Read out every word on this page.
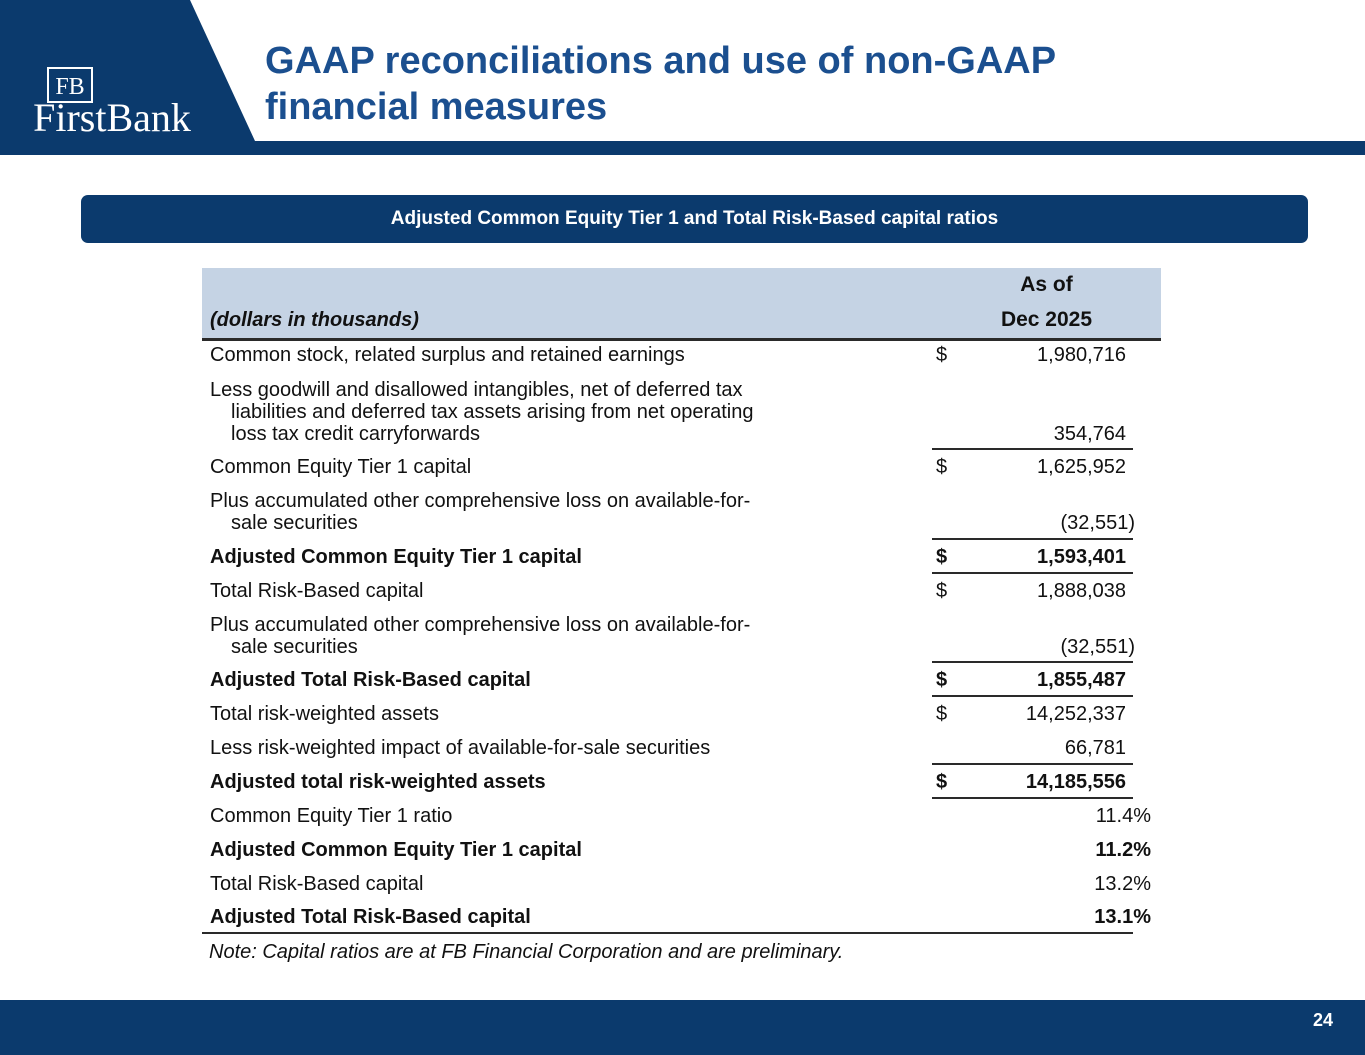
FB
FirstBank
GAAP reconciliations and use of non-GAAP
financial measures
Adjusted Common Equity Tier 1 and Total Risk-Based capital ratios
(dollars in thousands)
As of
Dec 2025
Common stock, related surplus and retained earnings	$	1,980,716
Less goodwill and disallowed intangibles, net of deferred tax
liabilities and deferred tax assets arising from net operating
loss tax credit carryforwards	354,764
Common Equity Tier 1 capital	$	1,625,952
Plus accumulated other comprehensive loss on available-for-
sale securities	(32,551)
Adjusted Common Equity Tier 1 capital	$	1,593,401
Total Risk-Based capital	$	1,888,038
Plus accumulated other comprehensive loss on available-for-
sale securities	(32,551)
Adjusted Total Risk-Based capital	$	1,855,487
Total risk-weighted assets	$	14,252,337
Less risk-weighted impact of available-for-sale securities	66,781
Adjusted total risk-weighted assets	$	14,185,556
Common Equity Tier 1 ratio	11.4%
Adjusted Common Equity Tier 1 capital	11.2%
Total Risk-Based capital	13.2%
Adjusted Total Risk-Based capital	13.1%
Note: Capital ratios are at FB Financial Corporation and are preliminary.
24
